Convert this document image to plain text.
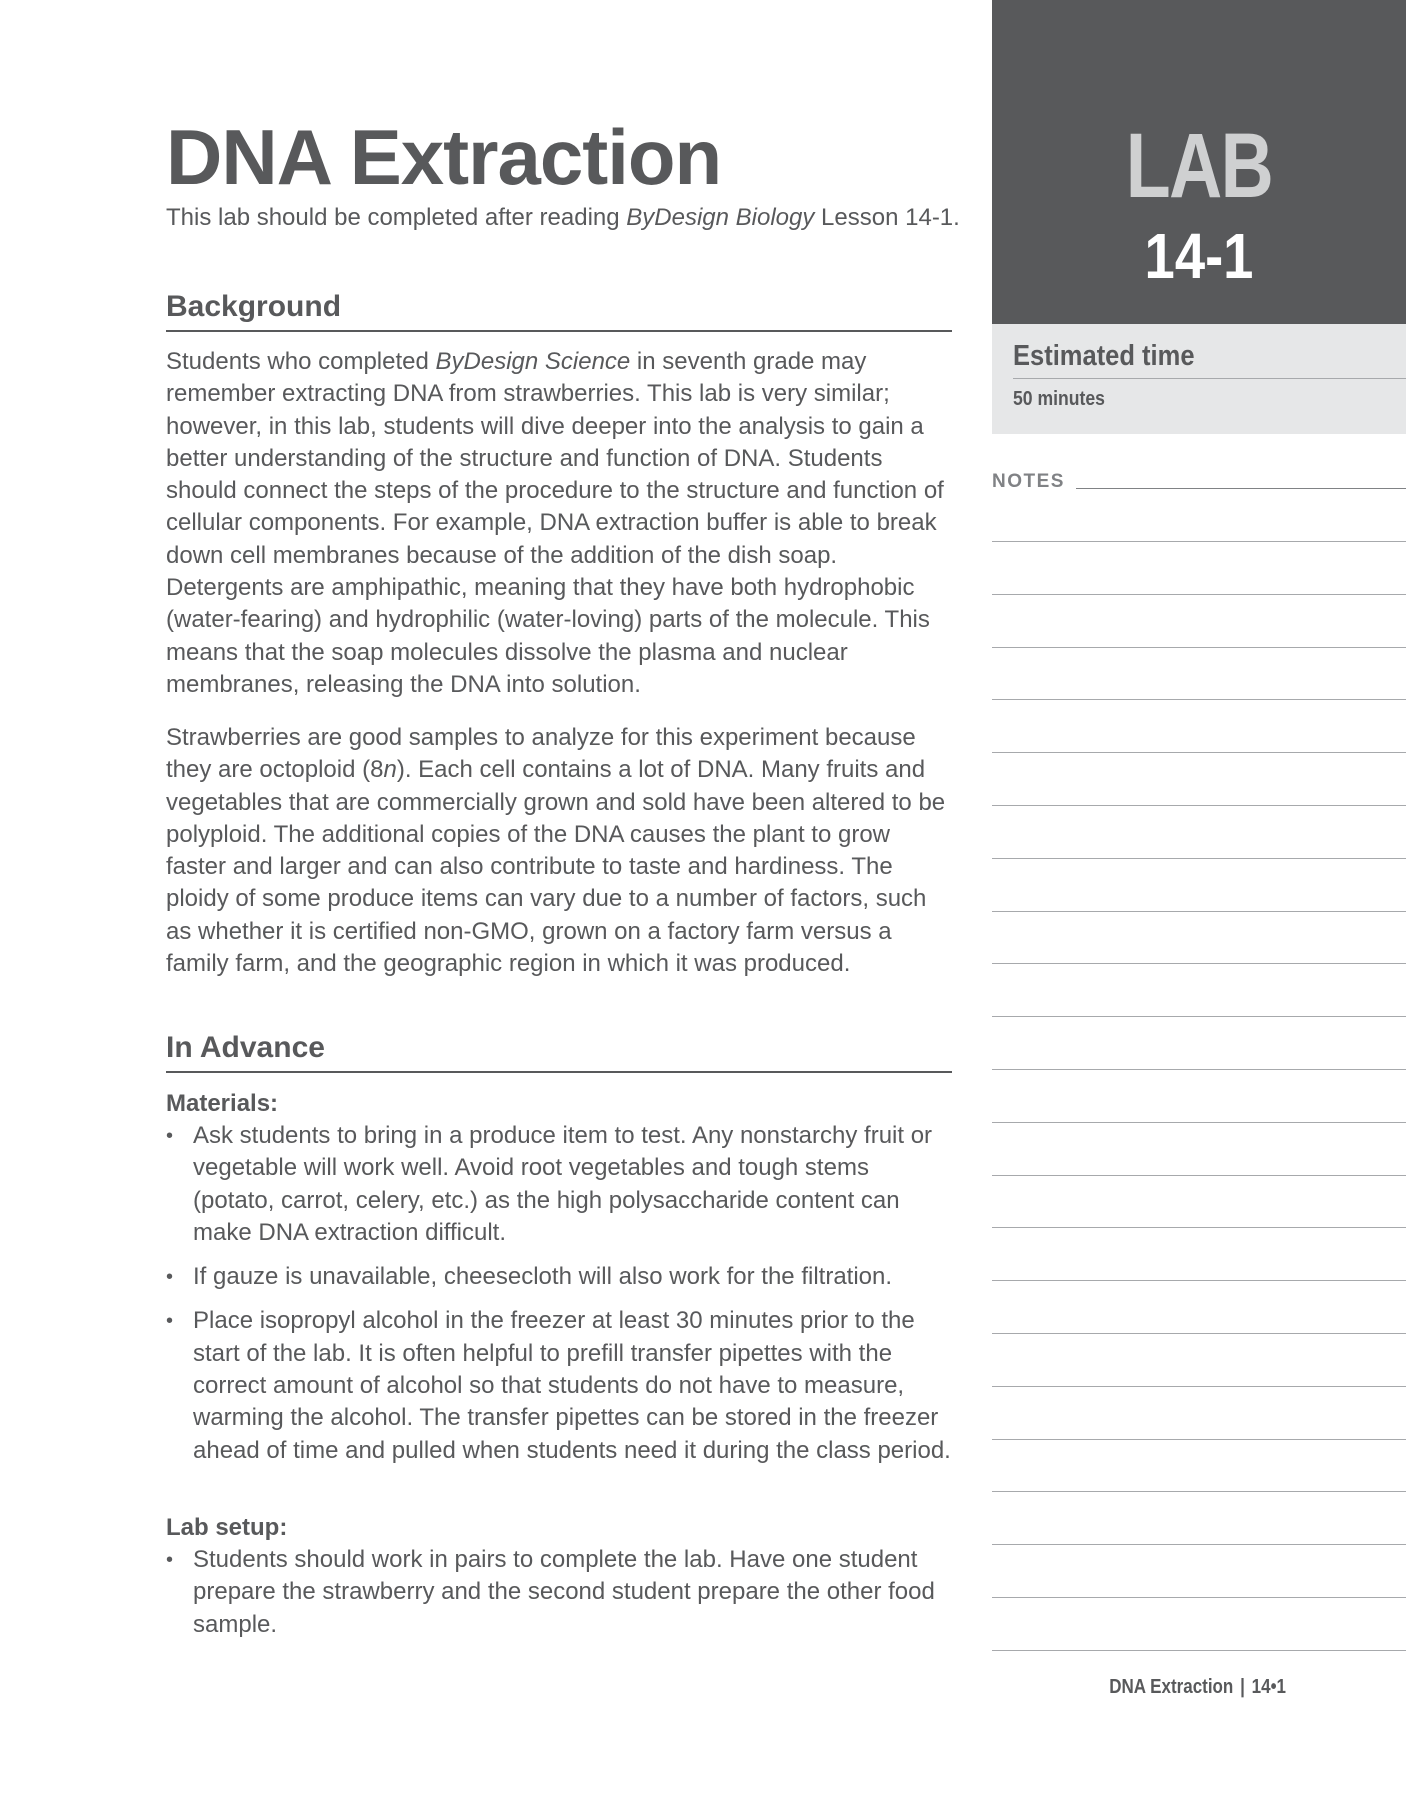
DNA Extraction

This lab should be completed after reading ByDesign Biology Lesson 14-1.

Background

Students who completed ByDesign Science in seventh grade may remember extracting DNA from strawberries. This lab is very similar; however, in this lab, students will dive deeper into the analysis to gain a better understanding of the structure and function of DNA. Students should connect the steps of the procedure to the structure and function of cellular components. For example, DNA extraction buffer is able to break down cell membranes because of the addition of the dish soap. Detergents are amphipathic, meaning that they have both hydrophobic (water-fearing) and hydrophilic (water-loving) parts of the molecule. This means that the soap molecules dissolve the plasma and nuclear membranes, releasing the DNA into solution.

Strawberries are good samples to analyze for this experiment because they are octoploid (8n). Each cell contains a lot of DNA. Many fruits and vegetables that are commercially grown and sold have been altered to be polyploid. The additional copies of the DNA causes the plant to grow faster and larger and can also contribute to taste and hardiness. The ploidy of some produce items can vary due to a number of factors, such as whether it is certified non-GMO, grown on a factory farm versus a family farm, and the geographic region in which it was produced.

In Advance
Materials:
• Ask students to bring in a produce item to test. Any nonstarchy fruit or vegetable will work well. Avoid root vegetables and tough stems (potato, carrot, celery, etc.) as the high polysaccharide content can make DNA extraction difficult.
• If gauze is unavailable, cheesecloth will also work for the filtration.
• Place isopropyl alcohol in the freezer at least 30 minutes prior to the start of the lab. It is often helpful to prefill transfer pipettes with the correct amount of alcohol so that students do not have to measure, warming the alcohol. The transfer pipettes can be stored in the freezer ahead of time and pulled when students need it during the class period.
Lab setup:
• Students should work in pairs to complete the lab. Have one student prepare the strawberry and the second student prepare the other food sample.
LAB
14-1

Estimated time

50 minutes

NOTES
DNA Extraction | 14•1
